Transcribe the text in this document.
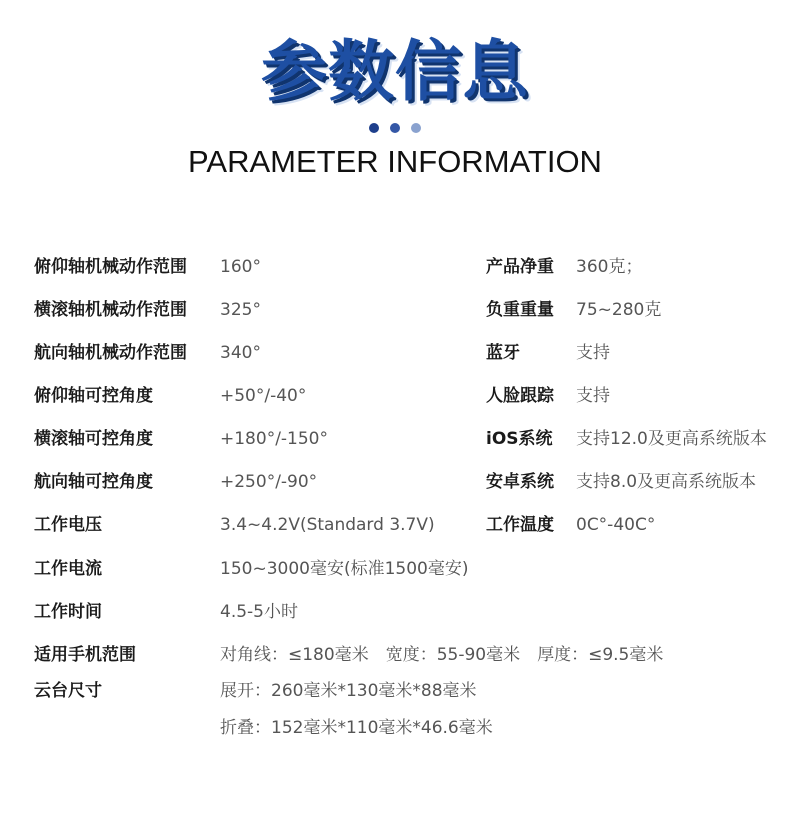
参数信息

PARAMETER INFORMATION
俯仰轴机械动作范围 160°
横滚轴机械动作范围 325°
航向轴机械动作范围 340°
俯仰轴可控角度	+50°/-40°
横滚轴可控角度	+180°/-150°
航向轴可控角度	+250°/-90°
工作电压	3.4~4.2V(Standard 3.7V)
工作电流	150~3000毫安(标准1500毫安)
工作时间	4.5-5小时
适用手机范围	对角线：≤180毫米　宽度：55-90毫米　厚度：≤9.5毫米
云台尺寸	展开：260毫米*130毫米*88毫米
折叠：152毫米*110毫米*46.6毫米
产品净重 360克；
负重重量 75~280克
蓝牙	支持
人脸跟踪 支持
iOS系统 支持12.0及更高系统版本
安卓系统 支持8.0及更高系统版本
工作温度 0C°-40C°
